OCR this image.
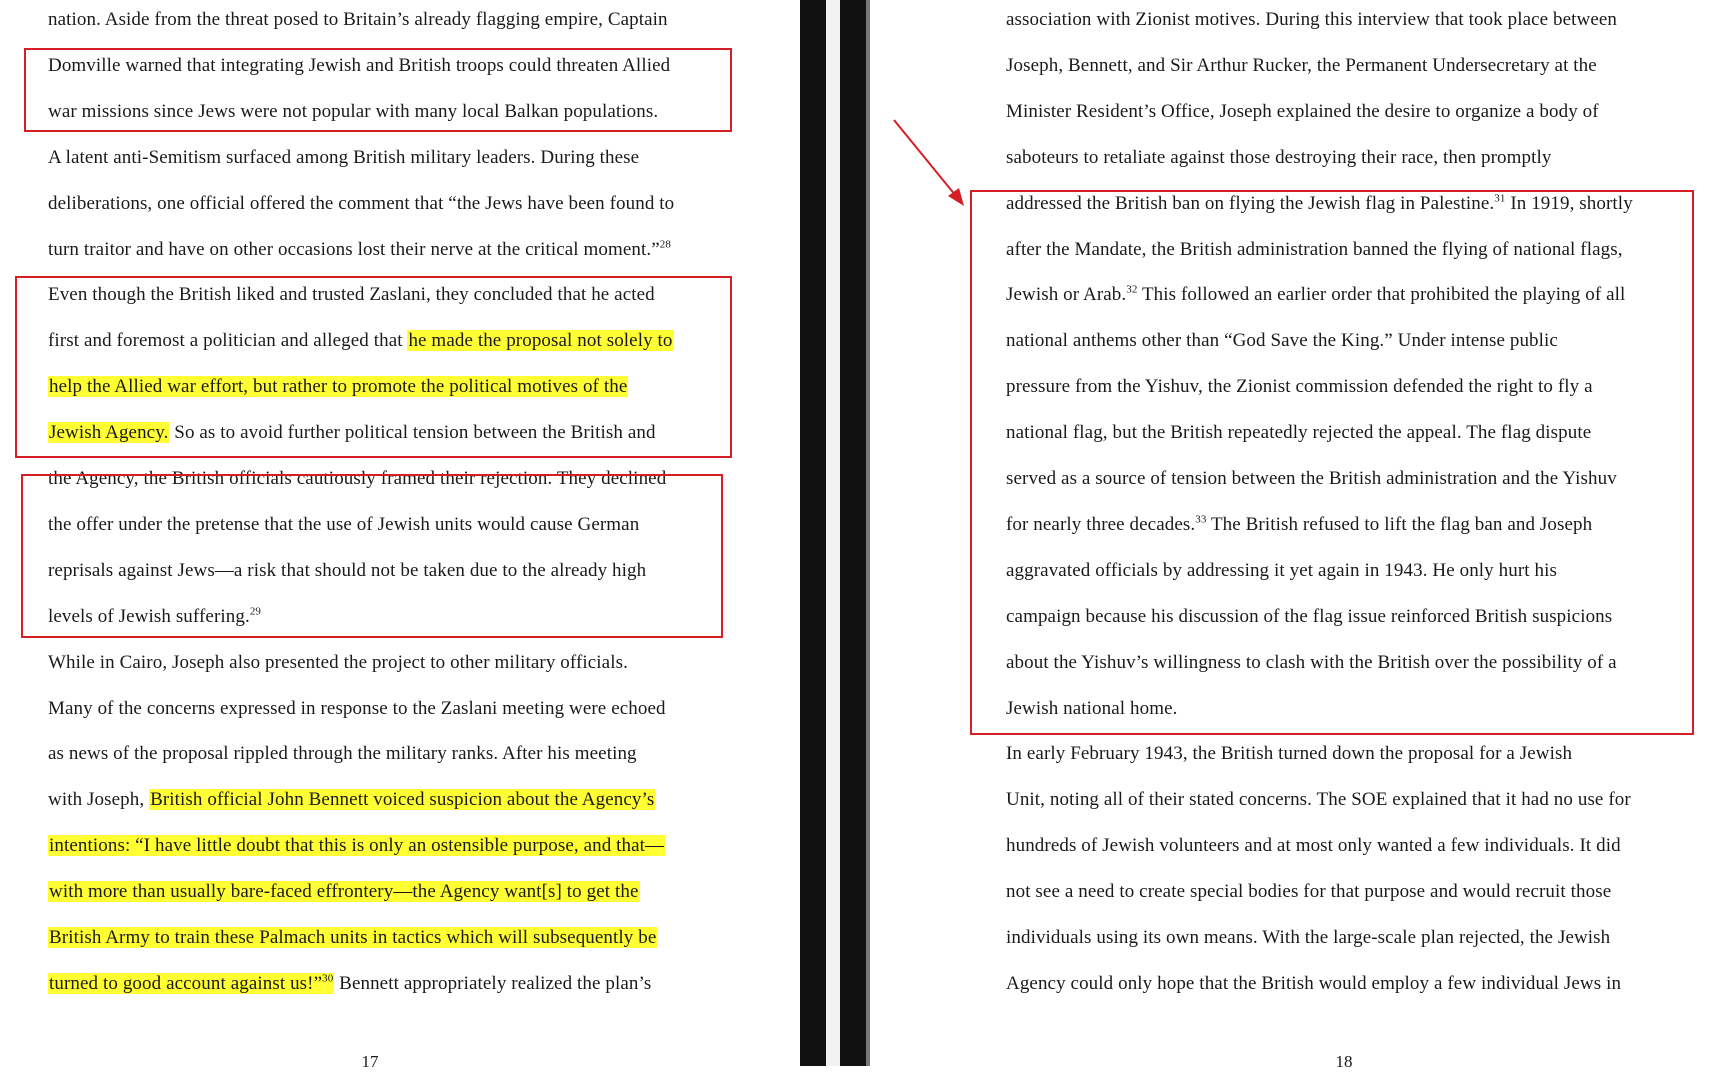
nation. Aside from the threat posed to Britain’s already flagging empire, Captain
Domville warned that integrating Jewish and British troops could threaten Allied
war missions since Jews were not popular with many local Balkan populations.
A latent anti-Semitism surfaced among British military leaders. During these
deliberations, one official offered the comment that “the Jews have been found to
turn traitor and have on other occasions lost their nerve at the critical moment.”$^{28}$
Even though the British liked and trusted Zaslani, they concluded that he acted
first and foremost a politician and alleged that he made the proposal not solely to
help the Allied war effort, but rather to promote the political motives of the
Jewish Agency. So as to avoid further political tension between the British and
the Agency, the British officials cautiously framed their rejection. They declined
the offer under the pretense that the use of Jewish units would cause German
reprisals against Jews—a risk that should not be taken due to the already high
levels of Jewish suffering.$^{29}$
While in Cairo, Joseph also presented the project to other military officials.
Many of the concerns expressed in response to the Zaslani meeting were echoed
as news of the proposal rippled through the military ranks. After his meeting
with Joseph, British official John Bennett voiced suspicion about the Agency’s
intentions: “I have little doubt that this is only an ostensible purpose, and that—
with more than usually bare-faced effrontery—the Agency want[s] to get the
British Army to train these Palmach units in tactics which will subsequently be
turned to good account against us!”$^{30}$ Bennett appropriately realized the plan’s
17
association with Zionist motives. During this interview that took place between
Joseph, Bennett, and Sir Arthur Rucker, the Permanent Undersecretary at the
Minister Resident’s Office, Joseph explained the desire to organize a body of
saboteurs to retaliate against those destroying their race, then promptly
addressed the British ban on flying the Jewish flag in Palestine.$^{31}$ In 1919, shortly
after the Mandate, the British administration banned the flying of national flags,
Jewish or Arab.$^{32}$ This followed an earlier order that prohibited the playing of all
national anthems other than “God Save the King.” Under intense public
pressure from the Yishuv, the Zionist commission defended the right to fly a
national flag, but the British repeatedly rejected the appeal. The flag dispute
served as a source of tension between the British administration and the Yishuv
for nearly three decades.$^{33}$ The British refused to lift the flag ban and Joseph
aggravated officials by addressing it yet again in 1943. He only hurt his
campaign because his discussion of the flag issue reinforced British suspicions
about the Yishuv’s willingness to clash with the British over the possibility of a
Jewish national home.
In early February 1943, the British turned down the proposal for a Jewish
Unit, noting all of their stated concerns. The SOE explained that it had no use for
hundreds of Jewish volunteers and at most only wanted a few individuals. It did
not see a need to create special bodies for that purpose and would recruit those
individuals using its own means. With the large-scale plan rejected, the Jewish
Agency could only hope that the British would employ a few individual Jews in
18
